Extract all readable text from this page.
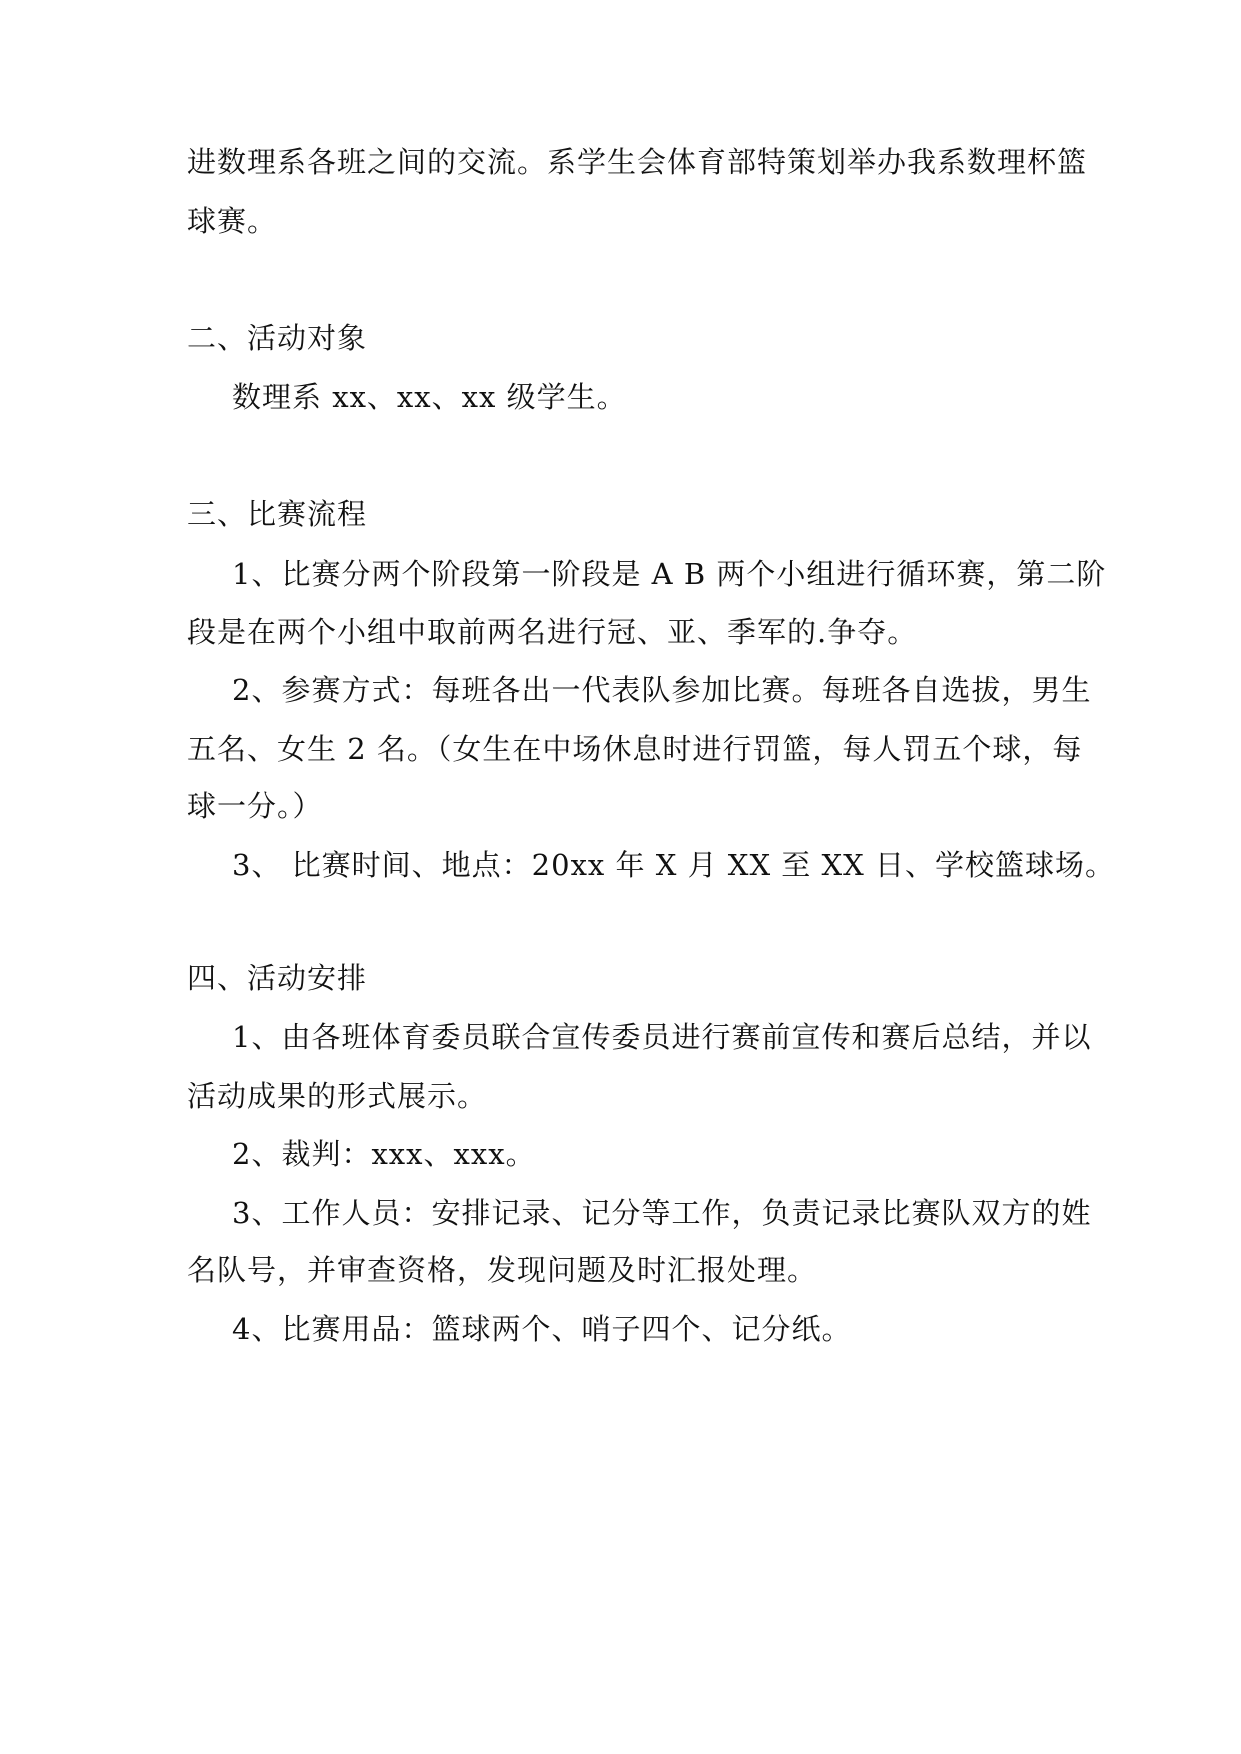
进数理系各班之间的交流。系学生会体育部特策划举办我系数理杯篮
球赛。
二、活动对象
数理系 xx、xx、xx 级学生。
三、比赛流程
1、比赛分两个阶段第一阶段是 A B 两个小组进行循环赛，第二阶
段是在两个小组中取前两名进行冠、亚、季军的.争夺。
2、参赛方式：每班各出一代表队参加比赛。每班各自选拔，男生
五名、女生 2 名。（女生在中场休息时进行罚篮，每人罚五个球，每
球一分。）
3、 比赛时间、地点：20xx 年 X 月 XX 至 XX 日、学校篮球场。
四、活动安排
1、由各班体育委员联合宣传委员进行赛前宣传和赛后总结，并以
活动成果的形式展示。
2、裁判：xxx、xxx。
3、工作人员：安排记录、记分等工作，负责记录比赛队双方的姓
名队号，并审查资格，发现问题及时汇报处理。
4、比赛用品：篮球两个、哨子四个、记分纸。
